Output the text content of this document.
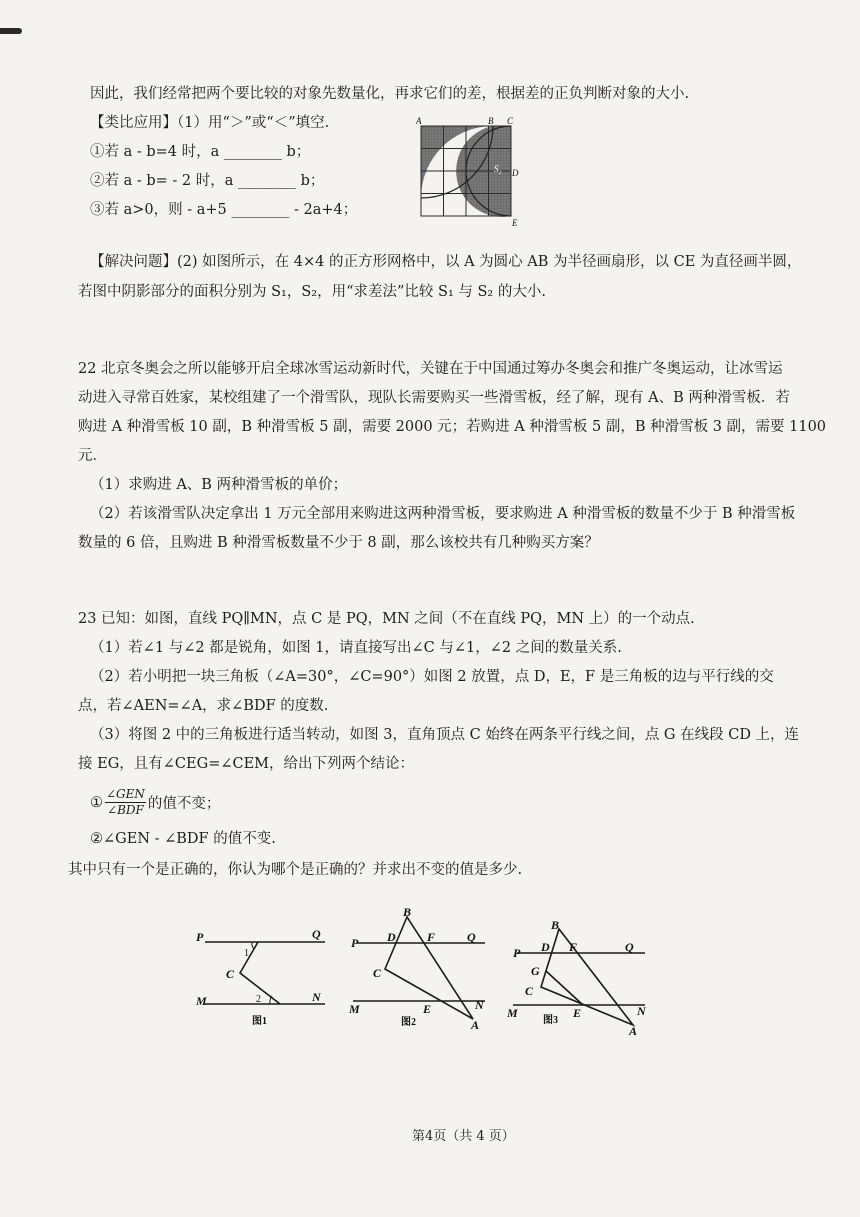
因此，我们经常把两个要比较的对象先数量化，再求它们的差，根据差的正负判断对象的大小.
【类比应用】（1）用“＞”或“＜”填空.
①若 a - b=4 时，a ________ b；
②若 a - b= - 2 时，a ________ b；
③若 a>0，则 - a+5 ________ - 2a+4；
A	B C
D
E
S₁	S₂
【解决问题】(2) 如图所示，在 4×4 的正方形网格中，以 A 为圆心 AB 为半径画扇形，以 CE 为直径画半圆，
若图中阴影部分的面积分别为 S₁，S₂，用“求差法”比较 S₁ 与 S₂ 的大小.
22 北京冬奥会之所以能够开启全球冰雪运动新时代，关键在于中国通过筹办冬奥会和推广冬奥运动，让冰雪运
动进入寻常百姓家，某校组建了一个滑雪队，现队长需要购买一些滑雪板，经了解，现有 A、B 两种滑雪板．若
购进 A 种滑雪板 10 副，B 种滑雪板 5 副，需要 2000 元；若购进 A 种滑雪板 5 副，B 种滑雪板 3 副，需要 1100
元．
（1）求购进 A、B 两种滑雪板的单价；
（2）若该滑雪队决定拿出 1 万元全部用来购进这两种滑雪板，要求购进 A 种滑雪板的数量不少于 B 种滑雪板
数量的 6 倍，且购进 B 种滑雪板数量不少于 8 副，那么该校共有几种购买方案？
23 已知：如图，直线 PQ∥MN，点 C 是 PQ，MN 之间（不在直线 PQ，MN 上）的一个动点.
（1）若∠1 与∠2 都是锐角，如图 1，请直接写出∠C 与∠1，∠2 之间的数量关系.
（2）若小明把一块三角板（∠A=30°，∠C=90°）如图 2 放置，点 D，E，F 是三角板的边与平行线的交
点，若∠AEN=∠A，求∠BDF 的度数.
（3）将图 2 中的三角板进行适当转动，如图 3，直角顶点 C 始终在两条平行线之间，点 G 在线段 CD 上，连
接 EG，且有∠CEG=∠CEM，给出下列两个结论：
①
∠GEN
∠BDF 的值不变；
②∠GEN - ∠BDF 的值不变.
其中只有一个是正确的，你认为哪个是正确的？并求出不变的值是多少.
P	Q
M	N
C
1
2
图1
B
P D	F	Q
C
M	E	N
A
图2
B
P D F	Q
G
C
M	E	N
A
图3
第4页（共 4 页）
